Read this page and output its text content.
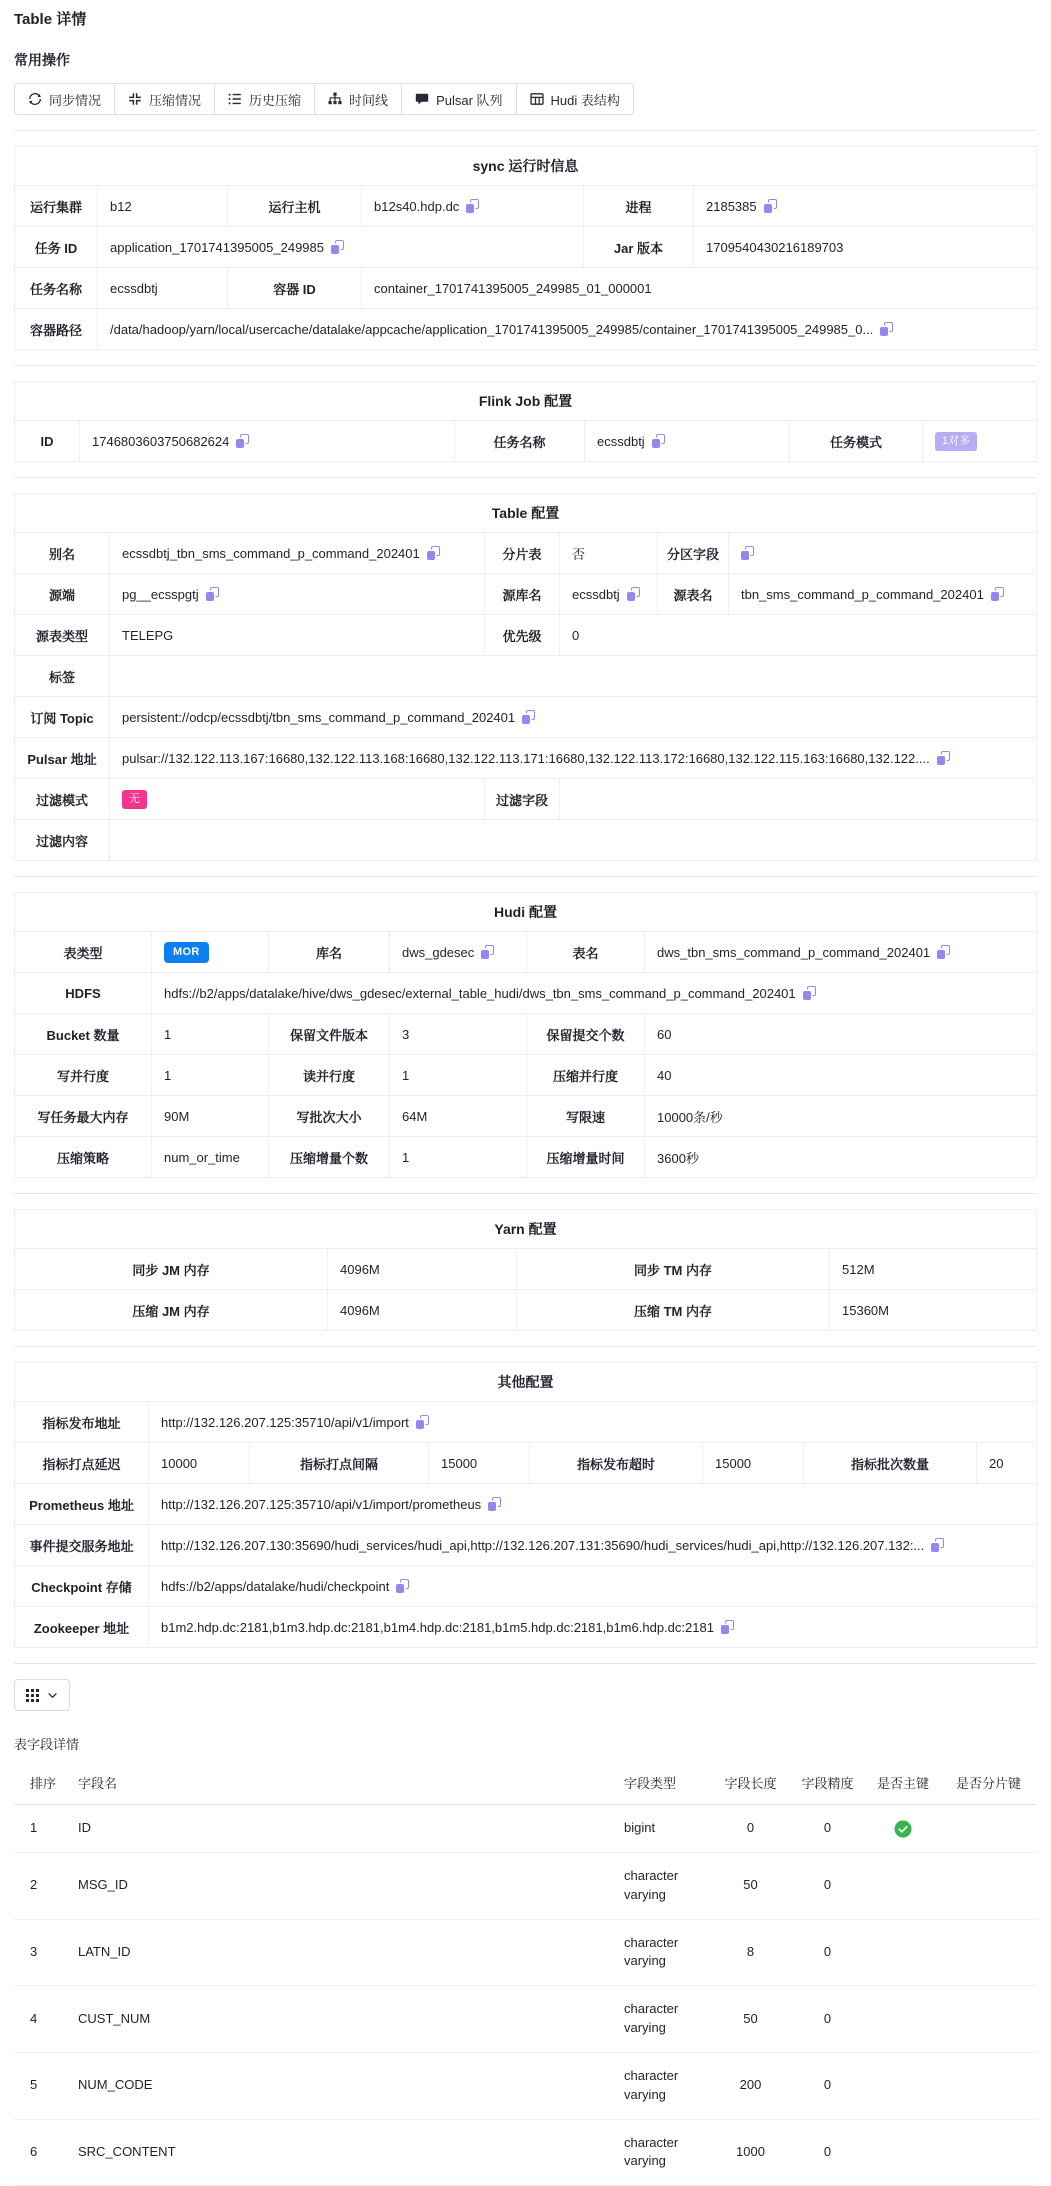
Table 详情
常用操作
同步情况	压缩情况	历史压缩	时间线	Pulsar 队列	Hudi 表结构
sync 运行时信息					
运行集群	b12	运行主机	b12s40.hdp.dc	进程	2185385
任务 ID	application_1701741395005_249985			Jar 版本	1709540430216189703
任务名称	ecssdbtj	容器 ID	container_1701741395005_249985_01_000001		
容器路径	/data/hadoop/yarn/local/usercache/datalake/appcache/application_1701741395005_249985/container_1701741395005_249985_0...				
Flink Job 配置
ID	1746803603750682624	任务名称	ecssdbtj	任务模式	1对多
Table 配置					
别名	ecssdbtj_tbn_sms_command_p_command_202401	分片表	否	分区字段	
源端	pg__ecsspgtj	源库名	ecssdbtj	源表名	tbn_sms_command_p_command_202401
源表类型	TELEPG	优先级	0		
标签					
订阅 Topic	persistent://odcp/ecssdbtj/tbn_sms_command_p_command_202401				
Pulsar 地址	pulsar://132.122.113.167:16680,132.122.113.168:16680,132.122.113.171:16680,132.122.113.172:16680,132.122.115.163:16680,132.122....				
过滤模式	无	过滤字段			
过滤内容					
Hudi 配置					
表类型	MOR	库名	dws_gdesec	表名	dws_tbn_sms_command_p_command_202401
HDFS	hdfs://b2/apps/datalake/hive/dws_gdesec/external_table_hudi/dws_tbn_sms_command_p_command_202401				
Bucket 数量	1	保留文件版本	3	保留提交个数	60
写并行度	1	读并行度	1	压缩并行度	40
写任务最大内存	90M	写批次大小	64M	写限速	10000条/秒
压缩策略	num_or_time	压缩增量个数	1	压缩增量时间	3600秒
Yarn 配置			
同步 JM 内存	4096M	同步 TM 内存	512M
压缩 JM 内存	4096M	压缩 TM 内存	15360M
其他配置							
指标发布地址	http://132.126.207.125:35710/api/v1/import						
指标打点延迟	10000	指标打点间隔	15000	指标发布超时	15000	指标批次数量	20
Prometheus 地址	http://132.126.207.125:35710/api/v1/import/prometheus						
事件提交服务地址	http://132.126.207.130:35690/hudi_services/hudi_api,http://132.126.207.131:35690/hudi_services/hudi_api,http://132.126.207.132:...						
Checkpoint 存储	hdfs://b2/apps/datalake/hudi/checkpoint						
Zookeeper 地址	b1m2.hdp.dc:2181,b1m3.hdp.dc:2181,b1m4.hdp.dc:2181,b1m5.hdp.dc:2181,b1m6.hdp.dc:2181						
表字段详情
排序	字段名	字段类型	字段长度	字段精度	是否主键	是否分片键
1	ID	bigint	0	0	

2	MSG_ID	character varying	50	0		
3	LATN_ID	character varying	8	0		
4	CUST_NUM	character varying	50	0		
5	NUM_CODE	character varying	200	0		
6	SRC_CONTENT	character varying	1000	0		
